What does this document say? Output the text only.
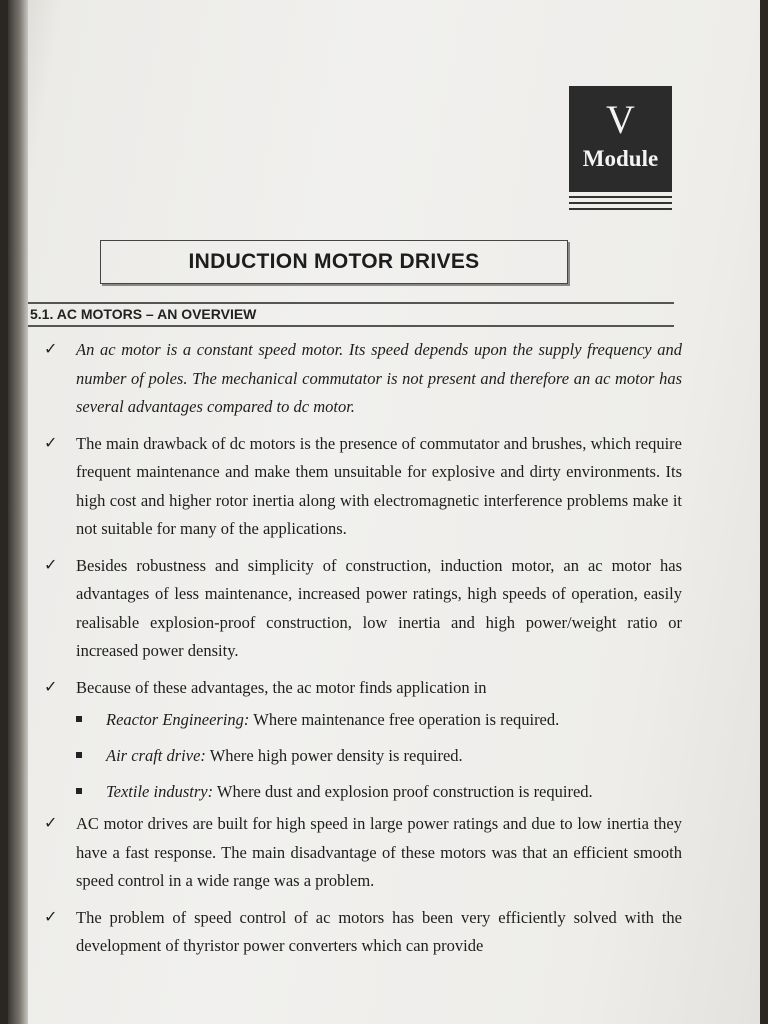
V
Module
INDUCTION MOTOR DRIVES
5.1. AC MOTORS – AN OVERVIEW
✓ An ac motor is a constant speed motor. Its speed depends upon the supply frequency and number of poles. The mechanical commutator is not present and therefore an ac motor has several advantages compared to dc motor.
✓ The main drawback of dc motors is the presence of commutator and brushes, which require frequent maintenance and make them unsuitable for explosive and dirty environments. Its high cost and higher rotor inertia along with electromagnetic interference problems make it not suitable for many of the applications.
✓ Besides robustness and simplicity of construction, induction motor, an ac motor has advantages of less maintenance, increased power ratings, high speeds of operation, easily realisable explosion-proof construction, low inertia and high power/weight ratio or increased power density.
✓ Because of these advantages, the ac motor finds application in
Reactor Engineering: Where maintenance free operation is required.
Air craft drive: Where high power density is required.
Textile industry: Where dust and explosion proof construction is required.
✓ AC motor drives are built for high speed in large power ratings and due to low inertia they have a fast response. The main disadvantage of these motors was that an efficient smooth speed control in a wide range was a problem.
✓ The problem of speed control of ac motors has been very efficiently solved with the development of thyristor power converters which can provide
